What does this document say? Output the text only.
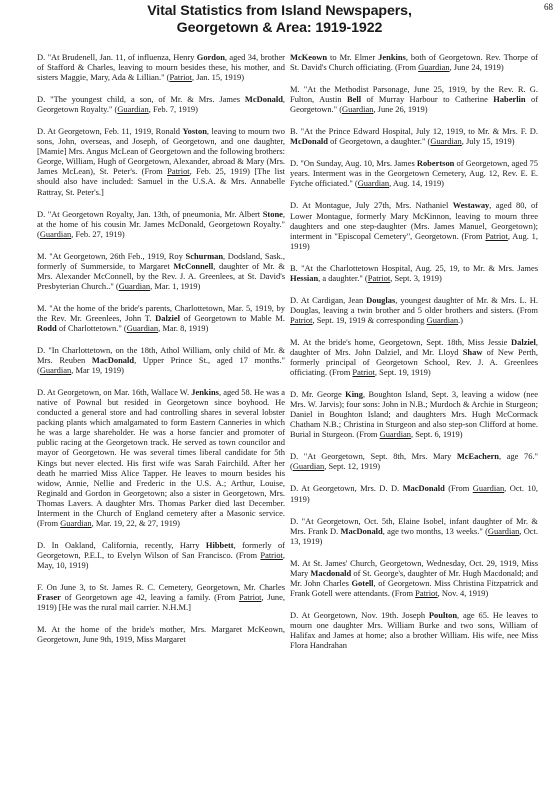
68
Vital Statistics from Island Newspapers,
Georgetown & Area: 1919-1922

D. "At Brudenell, Jan. 11, of influenza, Henry Gordon, aged 34, brother of Stafford & Charles, leaving to mourn besides these, his mother, and sisters Maggie, Mary, Ada & Lillian." (Patriot, Jan. 15, 1919)

D. "The youngest child, a son, of Mr. & Mrs. James McDonald, Georgetown Royalty." (Guardian, Feb. 7, 1919)

D. At Georgetown, Feb. 11, 1919, Ronald Yoston, leaving to mourn two sons, John, overseas, and Joseph, of Georgetown, and one daughter, [Mamie] Mrs. Angus McLean of Georgetown and the following brothers: George, William, Hugh of Georgetown, Alexander, abroad & Mary (Mrs. James McLean), St. Peter's. (From Patriot, Feb. 25, 1919) [The list should also have included: Samuel in the U.S.A. & Mrs. Annabelle Rattray, St. Peter's.]

D. "At Georgetown Royalty, Jan. 13th, of pneumonia, Mr. Albert Stone, at the home of his cousin Mr. James McDonald, Georgetown Royalty." (Guardian, Feb. 27, 1919)

M. "At Georgetown, 26th Feb., 1919, Roy Schurman, Dodsland, Sask., formerly of Summerside, to Margaret McConnell, daughter of Mr. & Mrs. Alexander McConnell, by the Rev. J. A. Greenlees, at St. David's Presbyterian Church.." (Guardian, Mar. 1, 1919)

M. "At the home of the bride's parents, Charlottetown, Mar. 5, 1919, by the Rev. Mr. Greenlees, John T. Dalziel of Georgetown to Mable M. Rodd of Charlottetown." (Guardian, Mar. 8, 1919)

D. "In Charlottetown, on the 18th, Athol William, only child of Mr. & Mrs. Reuben MacDonald, Upper Prince St., aged 17 months." (Guardian, Mar 19, 1919)

D. At Georgetown, on Mar. 16th, Wallace W. Jenkins, aged 58. He was a native of Pownal but resided in Georgetown since boyhood. He conducted a general store and had controlling shares in several lobster packing plants which amalgamated to form Eastern Canneries in which he was a large shareholder. He was a horse fancier and promoter of public racing at the Georgetown track. He served as town councilor and mayor of Georgetown. He was several times liberal candidate for 5th Kings but never elected. His first wife was Sarah Fairchild. After her death he married Miss Alice Tapper. He leaves to mourn besides his widow, Annie, Nellie and Frederic in the U.S. A.; Arthur, Louise, Reginald and Gordon in Georgetown; also a sister in Georgetown, Mrs. Thomas Lavers. A daughter Mrs. Thomas Parker died last December. Interment in the Church of England cemetery after a Masonic service. (From Guardian, Mar. 19, 22, & 27, 1919)

D. In Oakland, California, recently, Harry Hibbett, formerly of Georgetown, P.E.I., to Evelyn Wilson of San Francisco. (From Patriot, May, 10, 1919)

F. On June 3, to St. James R. C. Cemetery, Georgetown, Mr. Charles Fraser of Georgetown age 42, leaving a family. (From Patriot, June, 1919) [He was the rural mail carrier. N.H.M.]

M. At the home of the bride's mother, Mrs. Margaret McKeown, Georgetown, June 9th, 1919, Miss Margaret

McKeown to Mr. Elmer Jenkins, both of Georgetown. Rev. Thorpe of St. David's Church officiating. (From Guardian, June 24, 1919)

M. "At the Methodist Parsonage, June 25, 1919, by the Rev. R. G. Fulton, Austin Bell of Murray Harbour to Catherine Haberlin of Georgetown." (Guardian, June 26, 1919)

B. "At the Prince Edward Hospital, July 12, 1919, to Mr. & Mrs. F. D. McDonald of Georgetown, a daughter." (Guardian, July 15, 1919)

D. "On Sunday, Aug. 10, Mrs. James Robertson of Georgetown, aged 75 years. Interment was in the Georgetown Cemetery, Aug. 12, Rev. E. E. Fytche officiated." (Guardian, Aug. 14, 1919)

D. At Montague, July 27th, Mrs. Nathaniel Westaway, aged 80, of Lower Montague, formerly Mary McKinnon, leaving to mourn three daughters and one step-daughter (Mrs. James Manuel, Georgetown); interment in "Episcopal Cemetery", Georgetown. (From Patriot, Aug. 1, 1919)

B. "At the Charlottetown Hospital, Aug. 25, 19, to Mr. & Mrs. James Hessian, a daughter." (Patriot, Sept. 3, 1919)

D. At Cardigan, Jean Douglas, youngest daughter of Mr. & Mrs. L. H. Douglas, leaving a twin brother and 5 older brothers and sisters. (From Patriot, Sept. 19, 1919 & corresponding Guardian.)

M. At the bride's home, Georgetown, Sept. 18th, Miss Jessie Dalziel, daughter of Mrs. John Dalziel, and Mr. Lloyd Shaw of New Perth, formerly principal of Georgetown School, Rev. J. A. Greenlees officiating. (From Patriot, Sept. 19, 1919)

D. Mr. George King, Boughton Island, Sept. 3, leaving a widow (nee Mrs. W. Jarvis); four sons: John in N.B.; Murdoch & Archie in Sturgeon; Daniel in Boughton Island; and daughters Mrs. Hugh McCormack Chatham N.B.; Christina in Sturgeon and also step-son Clifford at home. Burial in Sturgeon. (From Guardian, Sept. 6, 1919)

D. "At Georgetown, Sept. 8th, Mrs. Mary McEachern, age 76." (Guardian, Sept. 12, 1919)

D. At Georgetown, Mrs. D. D. MacDonald (From Guardian, Oct. 10, 1919)

D. "At Georgetown, Oct. 5th, Elaine Isobel, infant daughter of Mr. & Mrs. Frank D. MacDonald, age two months, 13 weeks." (Guardian, Oct. 13, 1919)

M. At St. James' Church, Georgetown, Wednesday, Oct. 29, 1919, Miss Mary Macdonald of St. George's, daughter of Mr. Hugh Macdonald; and Mr. John Charles Gotell, of Georgetown. Miss Christina Fitzpatrick and Frank Gotell were attendants. (From Patriot, Nov. 4, 1919)

D. At Georgetown, Nov. 19th. Joseph Poulton, age 65. He leaves to mourn one daughter Mrs. William Burke and two sons, William of Halifax and James at home; also a brother William. His wife, nee Miss Flora Handrahan
